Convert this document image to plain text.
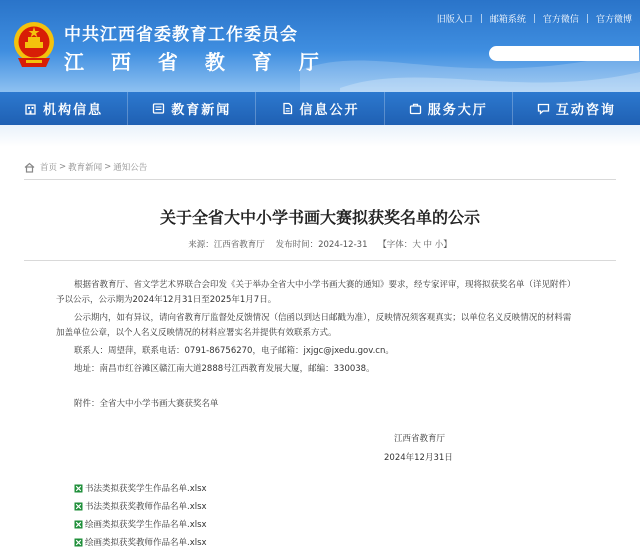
中共江西省委教育工作委员会
江 西 省 教 育 厅
旧版入口 | 邮箱系统 | 官方微信 | 官方微博
机构信息	教育新闻	信息公开	服务大厅	互动咨询
首页 > 教育新闻 > 通知公告
关于全省大中小学书画大赛拟获奖名单的公示
来源：江西省教育厅 发布时间：2024-12-31 【字体：大 中 小】
根据省教育厅、省文学艺术界联合会印发《关于举办全省大中小学书画大赛的通知》要求，经专家评审，现将拟获奖名单（详见附件）
予以公示，公示期为2024年12月31日至2025年1月7日。
公示期内，如有异议，请向省教育厅监督处反馈情况（信函以到达日邮戳为准），反映情况须客观真实；以单位名义反映情况的材料需
加盖单位公章，以个人名义反映情况的材料应署实名并提供有效联系方式。
联系人：周望萍，联系电话：0791-86756270，电子邮箱：jxjgc@jxedu.gov.cn。
地址：南昌市红谷滩区赣江南大道2888号江西教育发展大厦，邮编：330038。
附件：全省大中小学书画大赛获奖名单
江西省教育厅
2024年12月31日
书法类拟获奖学生作品名单.xlsx
书法类拟获奖教师作品名单.xlsx
绘画类拟获奖学生作品名单.xlsx
绘画类拟获奖教师作品名单.xlsx
